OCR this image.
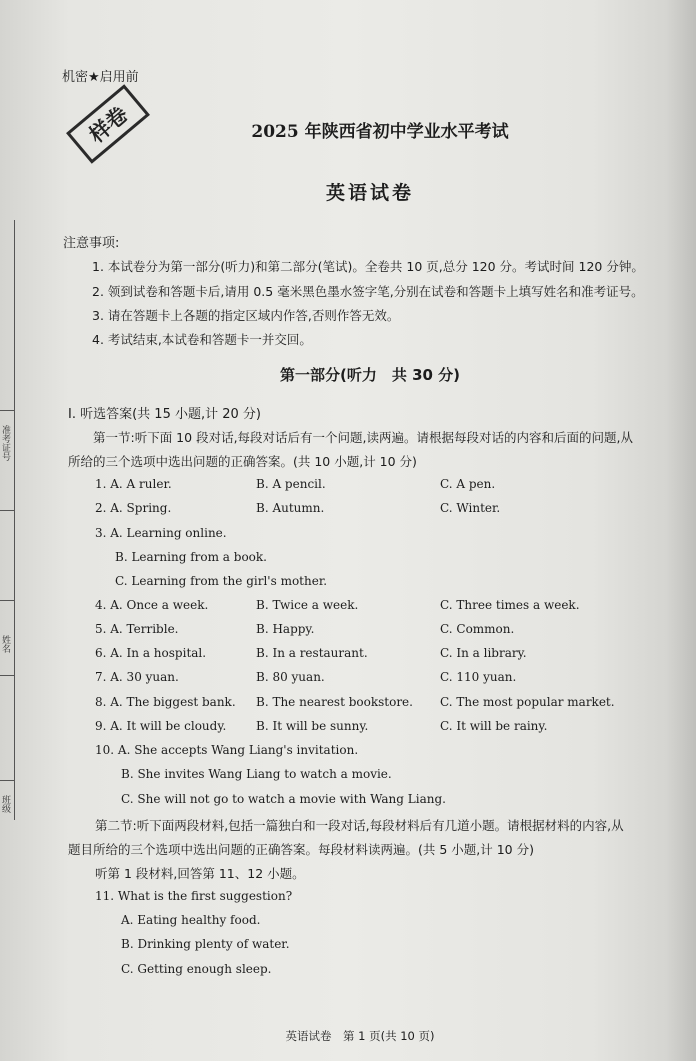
准考证号
姓名
班级
机密★启用前
样卷	2025 年陕西省初中学业水平考试
英语试卷
注意事项:
1. 本试卷分为第一部分(听力)和第二部分(笔试)。全卷共 10 页,总分 120 分。考试时间 120 分钟。
2. 领到试卷和答题卡后,请用 0.5 毫米黑色墨水签字笔,分别在试卷和答题卡上填写姓名和准考证号。
3. 请在答题卡上各题的指定区域内作答,否则作答无效。
4. 考试结束,本试卷和答题卡一并交回。
第一部分(听力　共 30 分)
Ⅰ. 听选答案(共 15 小题,计 20 分)
第一节:听下面 10 段对话,每段对话后有一个问题,读两遍。请根据每段对话的内容和后面的问题,从
所给的三个选项中选出问题的正确答案。(共 10 小题,计 10 分)
1. A. A ruler.	B. A pencil.	C. A pen.
2. A. Spring.	B. Autumn.	C. Winter.
3. A. Learning online.
B. Learning from a book.
C. Learning from the girl's mother.
4. A. Once a week.	B. Twice a week.	C. Three times a week.
5. A. Terrible.	B. Happy.	C. Common.
6. A. In a hospital.	B. In a restaurant.	C. In a library.
7. A. 30 yuan.	B. 80 yuan.	C. 110 yuan.
8. A. The biggest bank. B. The nearest bookstore. C. The most popular market.
9. A. It will be cloudy. B. It will be sunny.	C. It will be rainy.
10. A. She accepts Wang Liang's invitation.
B. She invites Wang Liang to watch a movie.
C. She will not go to watch a movie with Wang Liang.
第二节:听下面两段材料,包括一篇独白和一段对话,每段材料后有几道小题。请根据材料的内容,从
题目所给的三个选项中选出问题的正确答案。每段材料读两遍。(共 5 小题,计 10 分)
听第 1 段材料,回答第 11、12 小题。
11. What is the first suggestion?
A. Eating healthy food.
B. Drinking plenty of water.
C. Getting enough sleep.
英语试卷　第 1 页(共 10 页)
